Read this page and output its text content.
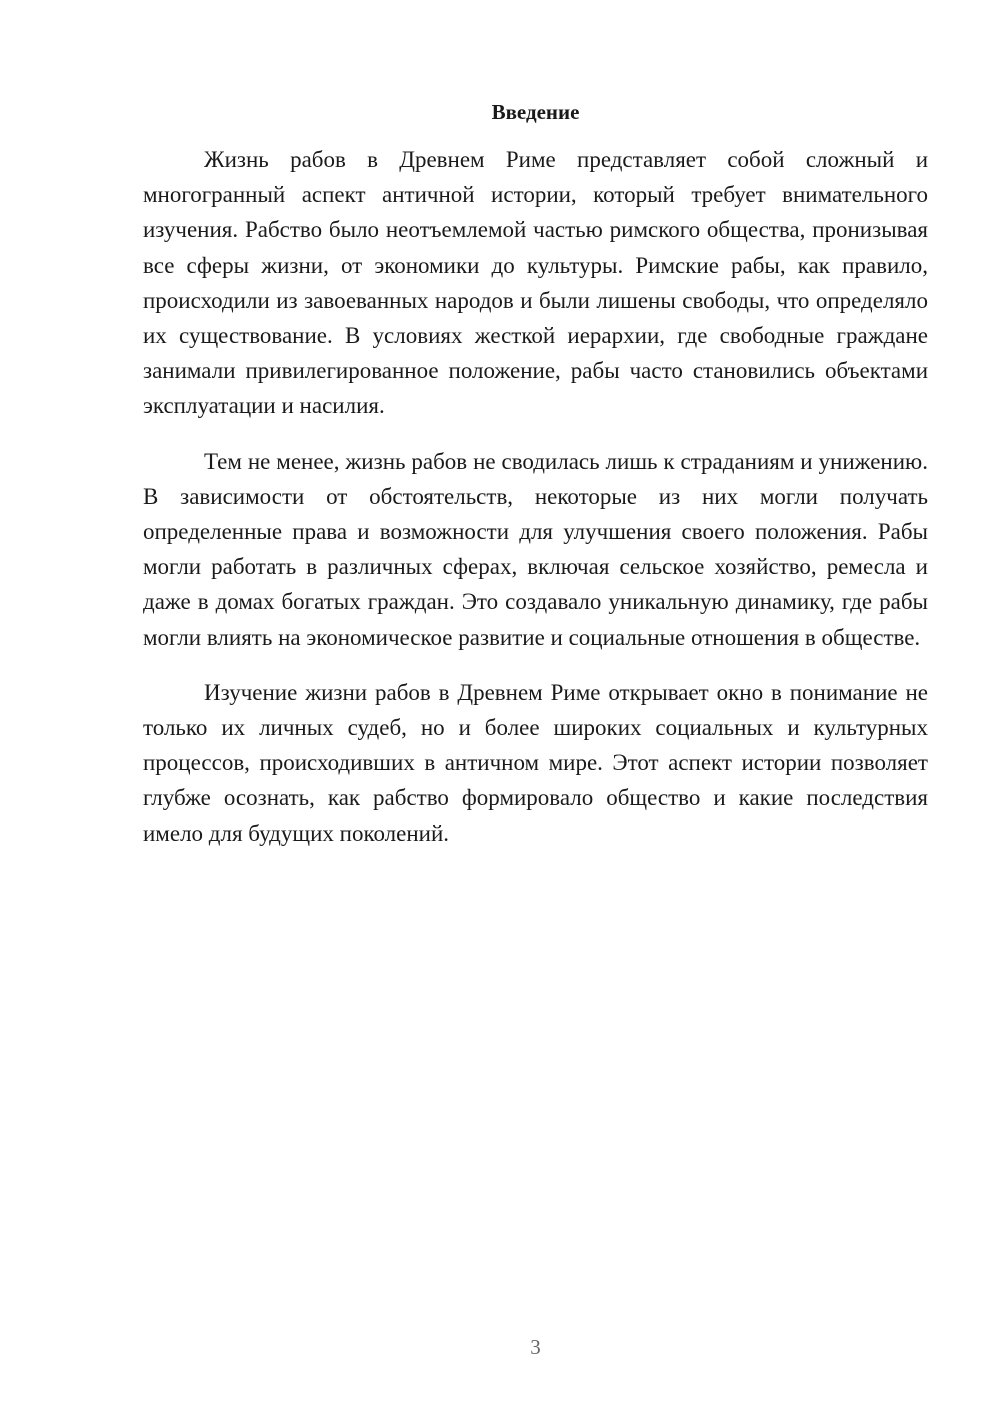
Введение

Жизнь рабов в Древнем Риме представляет собой сложный и многогранный аспект античной истории, который требует внимательного изучения. Рабство было неотъемлемой частью римского общества, пронизывая все сферы жизни, от экономики до культуры. Римские рабы, как правило, происходили из завоеванных народов и были лишены свободы, что определяло их существование. В условиях жесткой иерархии, где свободные граждане занимали привилегированное положение, рабы часто становились объектами эксплуатации и насилия.

Тем не менее, жизнь рабов не сводилась лишь к страданиям и унижению. В зависимости от обстоятельств, некоторые из них могли получать определенные права и возможности для улучшения своего положения. Рабы могли работать в различных сферах, включая сельское хозяйство, ремесла и даже в домах богатых граждан. Это создавало уникальную динамику, где рабы могли влиять на экономическое развитие и социальные отношения в обществе.

Изучение жизни рабов в Древнем Риме открывает окно в понимание не только их личных судеб, но и более широких социальных и культурных процессов, происходивших в античном мире. Этот аспект истории позволяет глубже осознать, как рабство формировало общество и какие последствия имело для будущих поколений.

3
